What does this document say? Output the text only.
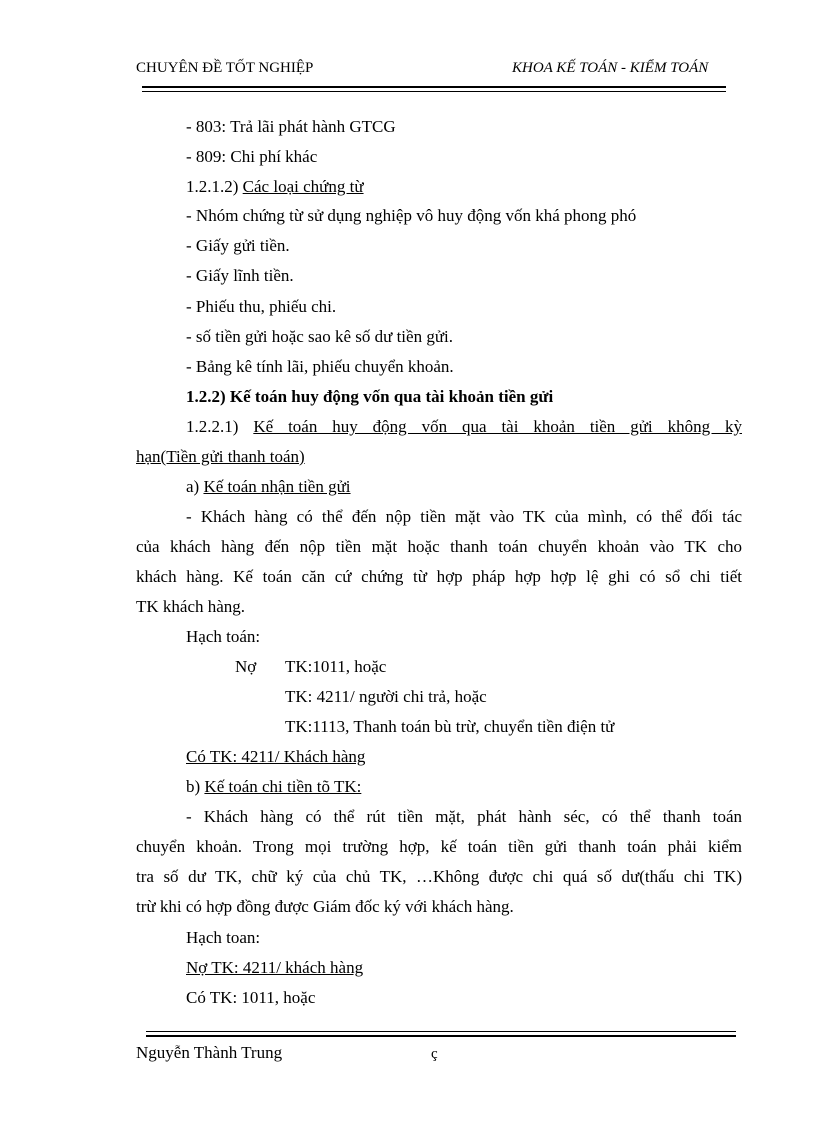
CHUYÊN ĐỀ TỐT NGHIỆP	KHOA KẾ TOÁN - KIỂM TOÁN
- 803: Trả lãi phát hành GTCG
- 809: Chi phí khác
1.2.1.2) Các loại chứng từ
- Nhóm chứng từ sử dụng nghiệp vô huy động vốn khá phong phó
- Giấy gửi tiền.
- Giấy lĩnh tiền.
- Phiếu thu, phiếu chi.
- số tiền gửi hoặc sao kê số dư tiền gửi.
- Bảng kê tính lãi, phiếu chuyển khoản.
1.2.2) Kế toán huy động vốn qua tài khoản tiền gửi
1.2.2.1) Kế toán huy động vốn qua tài khoản tiền gửi không kỳ
hạn(Tiền gửi thanh toán)
a) Kế toán nhận tiền gửi
- Khách hàng có thể đến nộp tiền mặt vào TK của mình, có thể đối tác
của khách hàng đến nộp tiền mặt hoặc thanh toán chuyển khoản vào TK cho
khách hàng. Kế toán căn cứ chứng từ hợp pháp hợp hợp lệ ghi có sổ chi tiết
TK khách hàng.
Hạch toán:
Nợ TK:1011, hoặc
TK: 4211/ người chi trả, hoặc
TK:1113, Thanh toán bù trừ, chuyển tiền điện tử
Có TK: 4211/ Khách hàng
b) Kế toán chi tiền tõ TK:
- Khách hàng có thể rút tiền mặt, phát hành séc, có thể thanh toán
chuyển khoản. Trong mọi trường hợp, kế toán tiền gửi thanh toán phải kiểm
tra số dư TK, chữ ký của chủ TK, …Không được chi quá số dư(thấu chi TK)
trừ khi có hợp đồng được Giám đốc ký với khách hàng.
Hạch toan:
Nợ TK: 4211/ khách hàng
Có TK: 1011, hoặc
Nguyễn Thành Trung	ç
